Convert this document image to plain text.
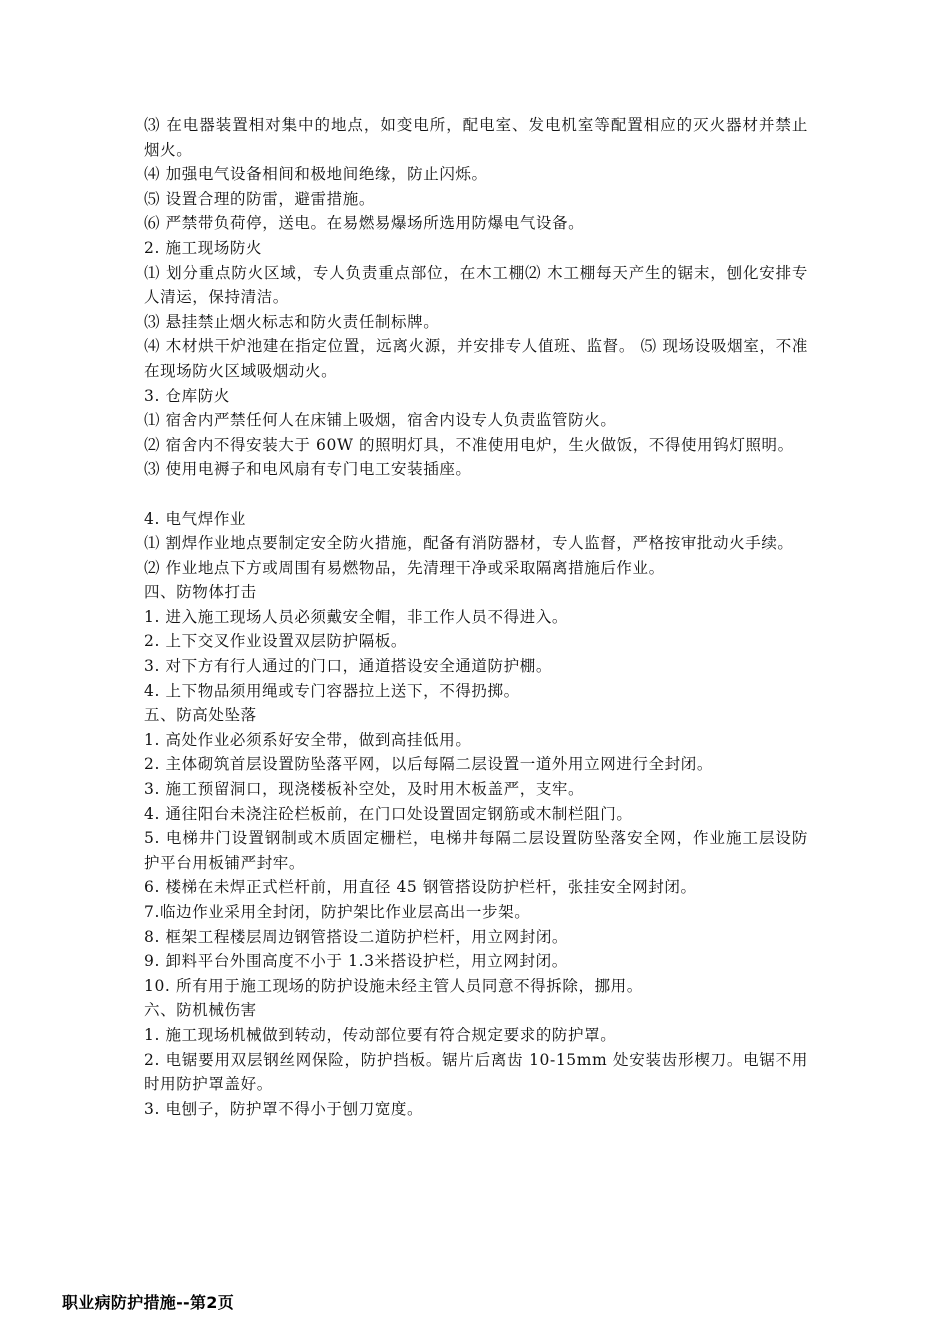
⑶ 在电器装置相对集中的地点，如变电所，配电室、发电机室等配置相应的灭火器材并禁止烟火。

⑷ 加强电气设备相间和极地间绝缘，防止闪烁。

⑸ 设置合理的防雷，避雷措施。

⑹ 严禁带负荷停，送电。在易燃易爆场所选用防爆电气设备。

2. 施工现场防火

⑴ 划分重点防火区域，专人负责重点部位，在木工棚⑵ 木工棚每天产生的锯末，刨化安排专人清运，保持清洁。

⑶ 悬挂禁止烟火标志和防火责任制标牌。

⑷ 木材烘干炉池建在指定位置，远离火源，并安排专人值班、监督。 ⑸ 现场设吸烟室，不准在现场防火区域吸烟动火。

3. 仓库防火

⑴ 宿舍内严禁任何人在床铺上吸烟，宿舍内设专人负责监管防火。

⑵ 宿舍内不得安装大于 60W 的照明灯具，不准使用电炉，生火做饭，不得使用钨灯照明。

⑶ 使用电褥子和电风扇有专门电工安装插座。

4. 电气焊作业

⑴ 割焊作业地点要制定安全防火措施，配备有消防器材，专人监督，严格按审批动火手续。

⑵ 作业地点下方或周围有易燃物品，先清理干净或采取隔离措施后作业。

四、防物体打击

1. 进入施工现场人员必须戴安全帽，非工作人员不得进入。

2. 上下交叉作业设置双层防护隔板。

3. 对下方有行人通过的门口，通道搭设安全通道防护棚。

4. 上下物品须用绳或专门容器拉上送下，不得扔掷。

五、防高处坠落

1. 高处作业必须系好安全带，做到高挂低用。

2. 主体砌筑首层设置防坠落平网，以后每隔二层设置一道外用立网进行全封闭。

3. 施工预留洞口，现浇楼板补空处，及时用木板盖严，支牢。

4. 通往阳台未浇注砼栏板前，在门口处设置固定钢筋或木制栏阻门。

5. 电梯井门设置钢制或木质固定栅栏，电梯井每隔二层设置防坠落安全网，作业施工层设防护平台用板铺严封牢。

6. 楼梯在未焊正式栏杆前，用直径 45 钢管搭设防护栏杆，张挂安全网封闭。

7.临边作业采用全封闭，防护架比作业层高出一步架。

8. 框架工程楼层周边钢管搭设二道防护栏杆，用立网封闭。

9. 卸料平台外围高度不小于 1.3米搭设护栏，用立网封闭。

10. 所有用于施工现场的防护设施未经主管人员同意不得拆除，挪用。

六、防机械伤害

1. 施工现场机械做到转动，传动部位要有符合规定要求的防护罩。

2. 电锯要用双层钢丝网保险，防护挡板。锯片后离齿 10-15mm 处安装齿形楔刀。电锯不用时用防护罩盖好。

3. 电刨子，防护罩不得小于刨刀宽度。

职业病防护措施--第2页
